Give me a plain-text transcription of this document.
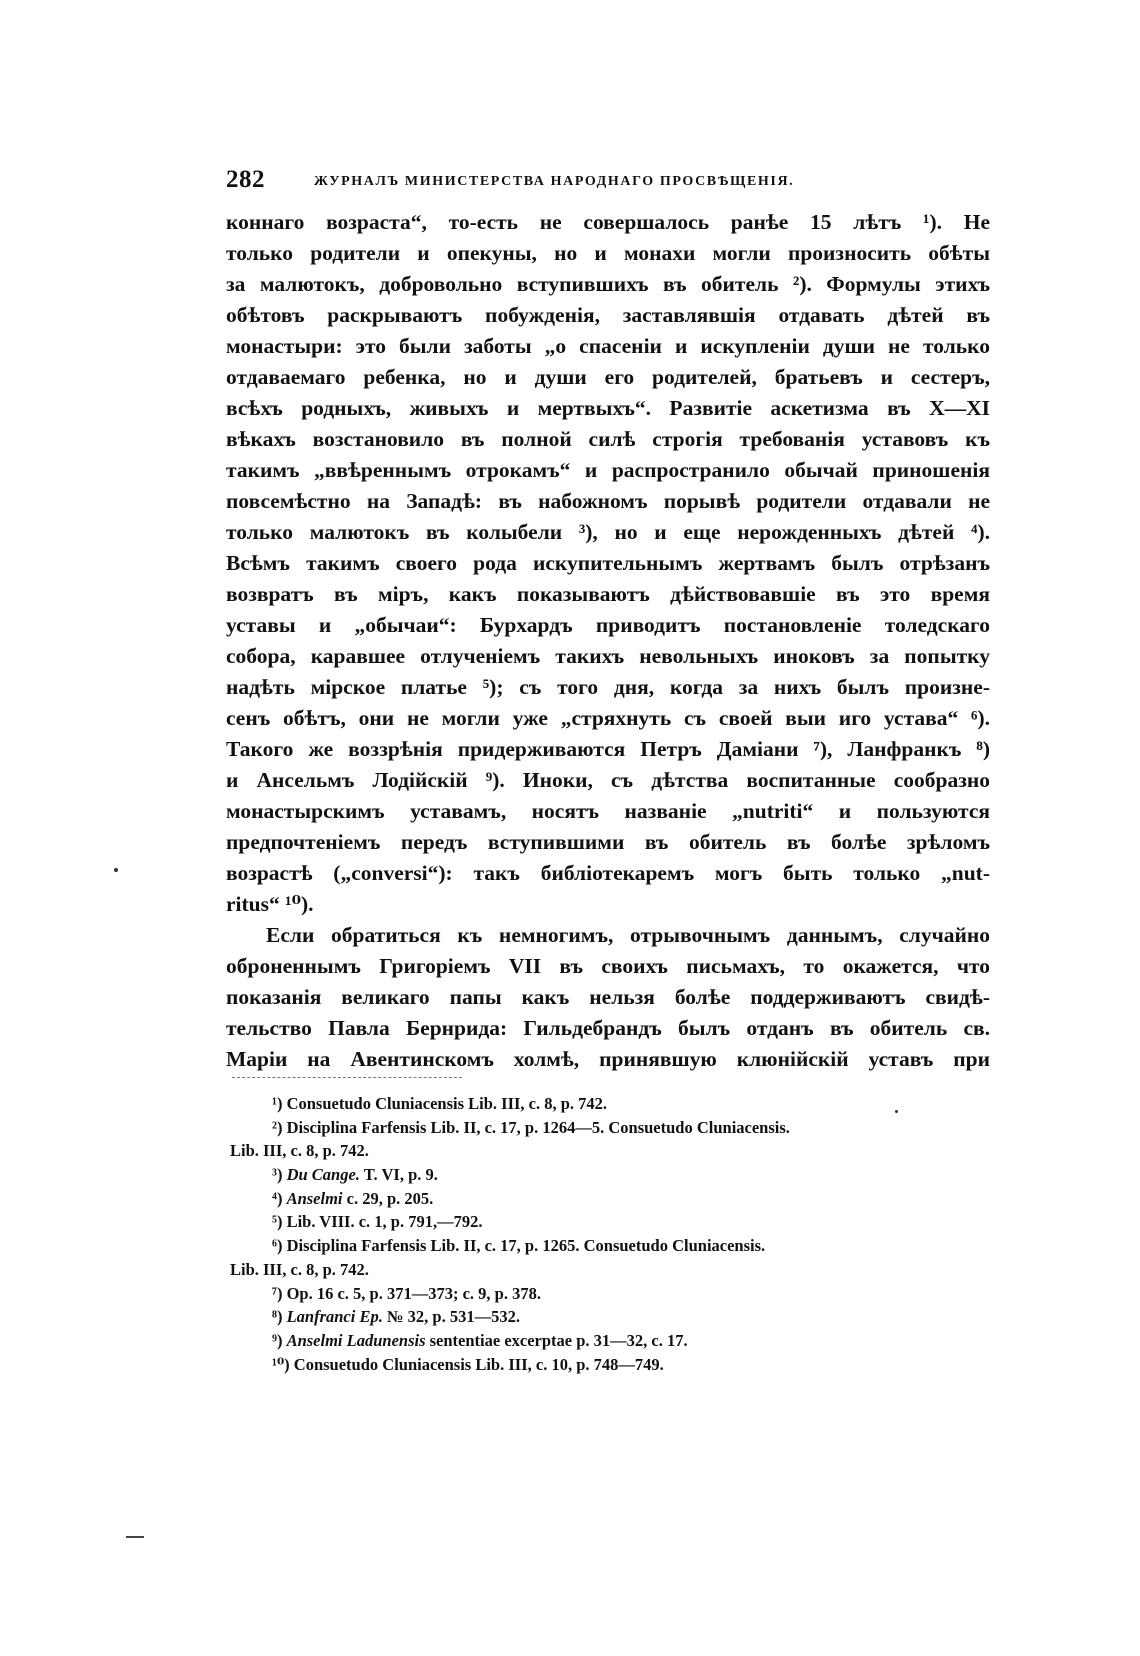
282	ЖУРНАЛЪ МИНИСТЕРСТВА НАРОДНАГО ПРОСВѢЩЕНІЯ.
коннаго возраста“, то-есть не совершалось ранѣе 15 лѣтъ ¹). Не
только родители и опекуны, но и монахи могли произносить обѣты
за малютокъ, добровольно вступившихъ въ обитель ²). Формулы этихъ
обѣтовъ раскрываютъ побужденія, заставлявшія отдавать дѣтей въ
монастыри: это были заботы „о спасеніи и искупленіи души не только
отдаваемаго ребенка, но и души его родителей, братьевъ и сестеръ,
всѣхъ родныхъ, живыхъ и мертвыхъ“. Развитіе аскетизма въ X—XI
вѣкахъ возстановило въ полной силѣ строгія требованія уставовъ къ
такимъ „ввѣреннымъ отрокамъ“ и распространило обычай приношенія
повсемѣстно на Западѣ: въ набожномъ порывѣ родители отдавали не
только малютокъ въ колыбели ³), но и еще нерожденныхъ дѣтей ⁴).
Всѣмъ такимъ своего рода искупительнымъ жертвамъ былъ отрѣзанъ
возвратъ въ міръ, какъ показываютъ дѣйствовавшіе въ это время
уставы и „обычаи“: Бурхардъ приводитъ постановленіе толедскаго
собора, каравшее отлученіемъ такихъ невольныхъ иноковъ за попытку
надѣть мірское платье ⁵); съ того дня, когда за нихъ былъ произне-
сенъ обѣтъ, они не могли уже „стряхнуть съ своей выи иго устава“ ⁶).
Такого же воззрѣнія придерживаются Петръ Даміани ⁷), Ланфранкъ ⁸)
и Ансельмъ Лодійскій ⁹). Иноки, съ дѣтства воспитанные сообразно
монастырскимъ уставамъ, носятъ названіе „nutriti“ и пользуются
предпочтеніемъ передъ вступившими въ обитель въ болѣе зрѣломъ
возрастѣ („conversi“): такъ библіотекаремъ могъ быть только „nut-
ritus“ ¹⁰).
Если обратиться къ немногимъ, отрывочнымъ даннымъ, случайно
оброненнымъ Григоріемъ VII въ своихъ письмахъ, то окажется, что
показанія великаго папы какъ нельзя болѣе поддерживаютъ свидѣ-
тельство Павла Бернрида: Гильдебрандъ былъ отданъ въ обитель св.
Маріи на Авентинскомъ холмѣ, принявшую клюнійскій уставъ при
¹) Consuetudo Cluniacensis Lib. III, c. 8, p. 742.
²) Disciplina Farfensis Lib. II, c. 17, p. 1264—5. Consuetudo Cluniacensis.
Lib. III, c. 8, p. 742.
³) Du Cange. T. VI, p. 9.
⁴) Anselmi c. 29, p. 205.
⁵) Lib. VIII. c. 1, p. 791,—792.
⁶) Disciplina Farfensis Lib. II, c. 17, p. 1265. Consuetudo Cluniacensis.
Lib. III, c. 8, p. 742.
⁷) Op. 16 c. 5, p. 371—373; c. 9, p. 378.
⁸) Lanfranci Ep. № 32, p. 531—532.
⁹) Anselmi Ladunensis sententiae excerptae p. 31—32, c. 17.
¹⁰) Consuetudo Cluniacensis Lib. III, c. 10, p. 748—749.
